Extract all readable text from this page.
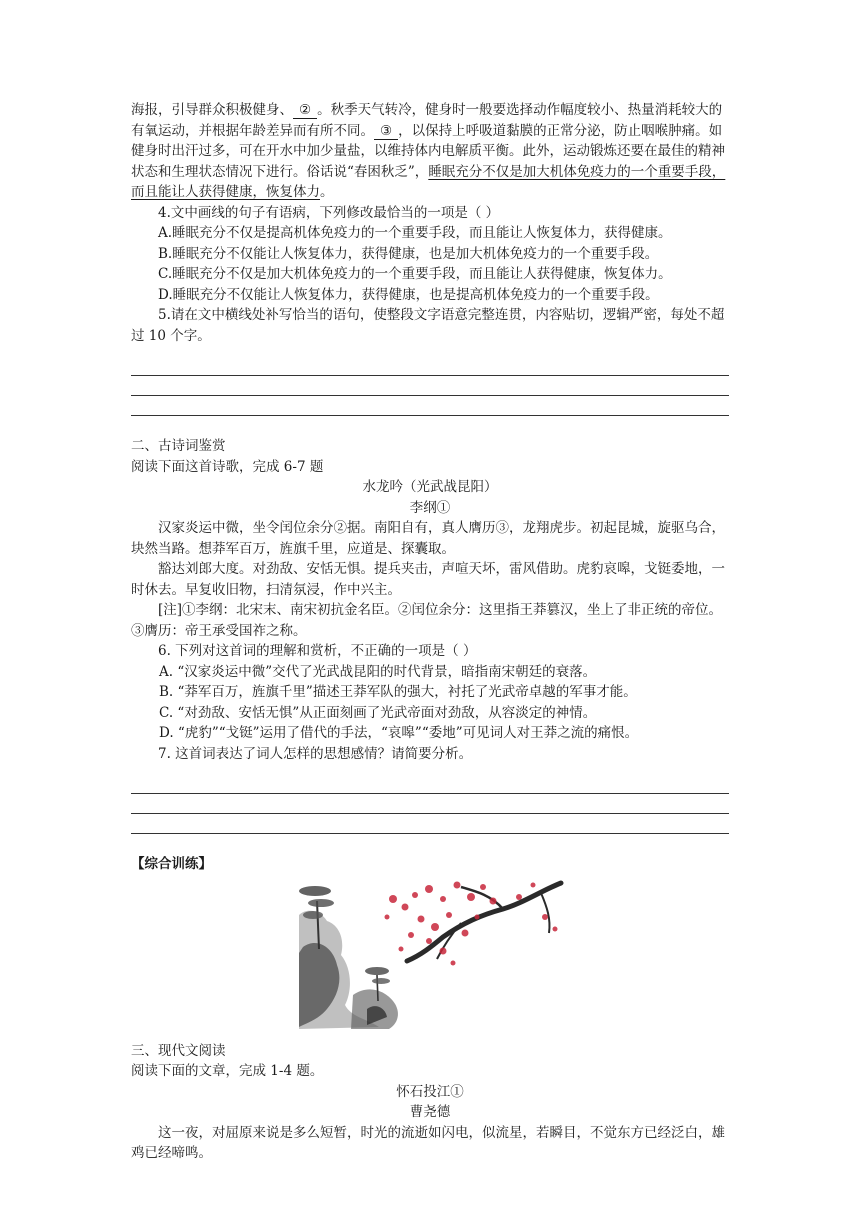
海报，引导群众积极健身、 ② 。秋季天气转冷，健身时一般要选择动作幅度较小、热量消耗较大的有氧运动，并根据年龄差异而有所不同。 ③ ，以保持上呼吸道黏膜的正常分泌，防止咽喉肿痛。如健身时出汗过多，可在开水中加少量盐，以维持体内电解质平衡。此外，运动锻炼还要在最佳的精神状态和生理状态情况下进行。俗话说“春困秋乏”，睡眠充分不仅是加大机体免疫力的一个重要手段，而且能让人获得健康，恢复体力。

4.文中画线的句子有语病，下列修改最恰当的一项是（ ）

A.睡眠充分不仅是提高机体免疫力的一个重要手段，而且能让人恢复体力，获得健康。

B.睡眠充分不仅能让人恢复体力，获得健康，也是加大机体免疫力的一个重要手段。

C.睡眠充分不仅是加大机体免疫力的一个重要手段，而且能让人获得健康，恢复体力。

D.睡眠充分不仅能让人恢复体力，获得健康，也是提高机体免疫力的一个重要手段。

5.请在文中横线处补写恰当的语句，使整段文字语意完整连贯，内容贴切，逻辑严密，每处不超过 10 个字。

二、古诗词鉴赏

阅读下面这首诗歌，完成 6-7 题

水龙吟（光武战昆阳）

李纲①

汉家炎运中微，坐令闰位余分②据。南阳自有，真人膺历③，龙翔虎步。初起昆城，旋驱乌合，块然当路。想莽军百万，旌旗千里，应道是、探囊取。

豁达刘郎大度。对劲敌、安恬无惧。提兵夹击，声喧天坏，雷风借助。虎豹哀嗥，戈铤委地，一时休去。早复收旧物，扫清氛浸，作中兴主。

[注]①李纲：北宋末、南宋初抗金名臣。②闰位余分：这里指王莽篡汉，坐上了非正统的帝位。③膺历：帝王承受国祚之称。

6. 下列对这首词的理解和赏析，不正确的一项是（ ）

A. “汉家炎运中微”交代了光武战昆阳的时代背景，暗指南宋朝廷的衰落。

B. “莽军百万，旌旗千里”描述王莽军队的强大，衬托了光武帝卓越的军事才能。

C. “对劲敌、安恬无惧”从正面刻画了光武帝面对劲敌，从容淡定的神情。

D. “虎豹”“戈铤”运用了借代的手法，“哀嗥”“委地”可见词人对王莽之流的痛恨。

7. 这首词表达了词人怎样的思想感情？请简要分析。

【综合训练】

三、现代文阅读

阅读下面的文章，完成 1-4 题。

怀石投江①

曹尧德

这一夜，对屈原来说是多么短暂，时光的流逝如闪电，似流星，若瞬目，不觉东方已经泛白，雄鸡已经啼鸣。
